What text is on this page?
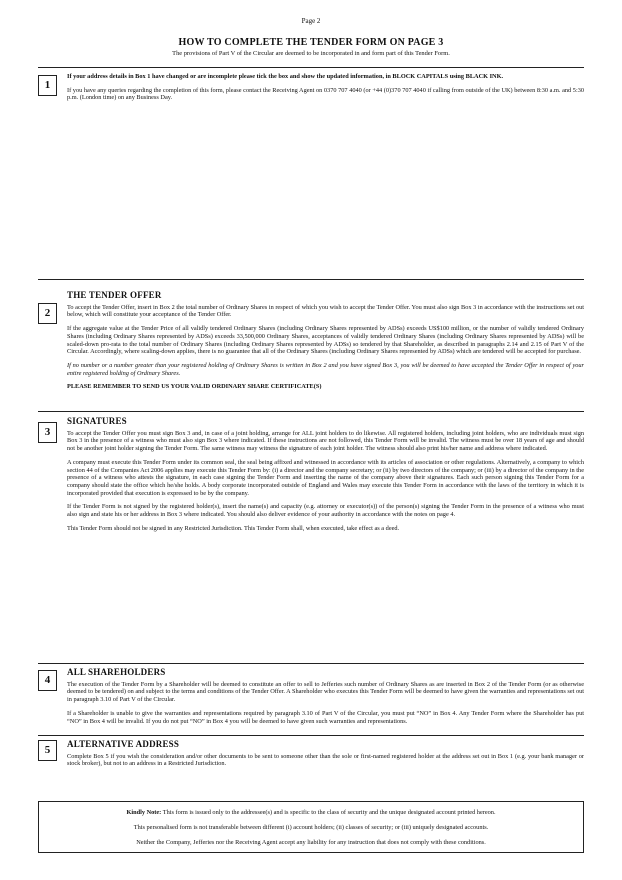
Page 2
HOW TO COMPLETE THE TENDER FORM ON PAGE 3
The provisions of Part V of the Circular are deemed to be incorporated in and form part of this Tender Form.
1

If your address details in Box 1 have changed or are incomplete please tick the box and show the updated information, in BLOCK CAPITALS using BLACK INK.

If you have any queries regarding the completion of this form, please contact the Receiving Agent on 0370 707 4040 (or +44 (0)370 707 4040 if calling from outside of the UK) between 8:30 a.m. and 5:30 p.m. (London time) on any Business Day.

2
THE TENDER OFFER

To accept the Tender Offer, insert in Box 2 the total number of Ordinary Shares in respect of which you wish to accept the Tender Offer. You must also sign Box 3 in accordance with the instructions set out below, which will constitute your acceptance of the Tender Offer.

If the aggregate value at the Tender Price of all validly tendered Ordinary Shares (including Ordinary Shares represented by ADSs) exceeds US$100 million, or the number of validly tendered Ordinary Shares (including Ordinary Shares represented by ADSs) exceeds 33,500,000 Ordinary Shares, acceptances of validly tendered Ordinary Shares (including Ordinary Shares represented by ADSs) will be scaled-down pro-rata to the total number of Ordinary Shares (including Ordinary Shares represented by ADSs) so tendered by that Shareholder, as described in paragraphs 2.14 and 2.15 of Part V of the Circular. Accordingly, where scaling-down applies, there is no guarantee that all of the Ordinary Shares (including Ordinary Shares represented by ADSs) which are tendered will be accepted for purchase.

If no number or a number greater than your registered holding of Ordinary Shares is written in Box 2 and you have signed Box 3, you will be deemed to have accepted the Tender Offer in respect of your entire registered holding of Ordinary Shares.

PLEASE REMEMBER TO SEND US YOUR VALID ORDINARY SHARE CERTIFICATE(S)

3
SIGNATURES

To accept the Tender Offer you must sign Box 3 and, in case of a joint holding, arrange for ALL joint holders to do likewise. All registered holders, including joint holders, who are individuals must sign Box 3 in the presence of a witness who must also sign Box 3 where indicated. If these instructions are not followed, this Tender Form will be invalid. The witness must be over 18 years of age and should not be another joint holder signing the Tender Form. The same witness may witness the signature of each joint holder. The witness should also print his/her name and address where indicated.

A company must execute this Tender Form under its common seal, the seal being affixed and witnessed in accordance with its articles of association or other regulations. Alternatively, a company to which section 44 of the Companies Act 2006 applies may execute this Tender Form by: (i) a director and the company secretary; or (ii) by two directors of the company; or (iii) by a director of the company in the presence of a witness who attests the signature, in each case signing the Tender Form and inserting the name of the company above their signatures. Each such person signing this Tender Form for a company should state the office which he/she holds. A body corporate incorporated outside of England and Wales may execute this Tender Form in accordance with the laws of the territory in which it is incorporated provided that execution is expressed to be by the company.

If the Tender Form is not signed by the registered holder(s), insert the name(s) and capacity (e.g. attorney or executor(s)) of the person(s) signing the Tender Form in the presence of a witness who must also sign and state his or her address in Box 3 where indicated. You should also deliver evidence of your authority in accordance with the notes on page 4.

This Tender Form should not be signed in any Restricted Jurisdiction. This Tender Form shall, when executed, take effect as a deed.

4
ALL SHAREHOLDERS

The execution of the Tender Form by a Shareholder will be deemed to constitute an offer to sell to Jefferies such number of Ordinary Shares as are inserted in Box 2 of the Tender Form (or as otherwise deemed to be tendered) on and subject to the terms and conditions of the Tender Offer. A Shareholder who executes this Tender Form will be deemed to have given the warranties and representations set out in paragraph 3.10 of Part V of the Circular.

If a Shareholder is unable to give the warranties and representations required by paragraph 3.10 of Part V of the Circular, you must put “NO” in Box 4. Any Tender Form where the Shareholder has put “NO” in Box 4 will be invalid. If you do not put “NO” in Box 4 you will be deemed to have given such warranties and representations.

5	ALTERNATIVE ADDRESS

Complete Box 5 if you wish the consideration and/or other documents to be sent to someone other than the sole or first-named registered holder at the address set out in Box 1 (e.g. your bank manager or stock broker), but not to an address in a Restricted Jurisdiction.

Kindly Note: This form is issued only to the addressee(s) and is specific to the class of security and the unique designated account printed hereon.

This personalised form is not transferable between different (i) account holders; (ii) classes of security; or (iii) uniquely designated accounts.

Neither the Company, Jefferies nor the Receiving Agent accept any liability for any instruction that does not comply with these conditions.
